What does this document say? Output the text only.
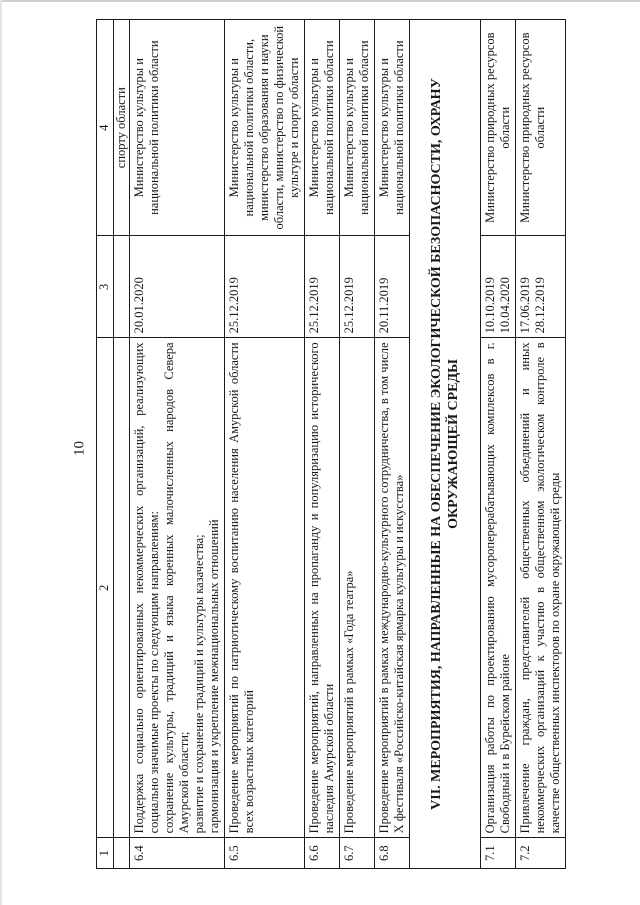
10
1	2	3	4
			спорту области
6.4	Поддержка социально ориентированных некоммерческих организаций, реализующих социально значимые проекты по следующим направлениям: сохранение культуры, традиций и языка коренных малочисленных народов Севера Амурской области; развитие и сохранение традиций и культуры казачества; гармонизация и укрепление межнациональных отношений	20.01.2020	Министерство культуры и национальной политики области
6.5	Проведение мероприятий по патриотическому воспитанию населения Амурской области всех возрастных категорий	25.12.2019	Министерство культуры и национальной политики области, министерство образования и науки области, министерство по физической культуре и спорту области
6.6	Проведение мероприятий, направленных на пропаганду и популяризацию исторического наследия Амурской области	25.12.2019	Министерство культуры и национальной политики области
6.7	Проведение мероприятий в рамках «Года театра»	25.12.2019	Министерство культуры и национальной политики области
6.8	Проведение мероприятий в рамках международно-культурного сотрудничества, в том числе X фестиваля «Российско-китайская ярмарка культуры и искусства»	20.11.2019	Министерство культуры и национальной политики области
VII. МЕРОПРИЯТИЯ, НАПРАВЛЕННЫЕ НА ОБЕСПЕЧЕНИЕ ЭКОЛОГИЧЕСКОЙ БЕЗОПАСНОСТИ, ОХРАНУ ОКРУЖАЮЩЕЙ СРЕДЫ			
7.1	Организация работы по проектированию мусороперерабатывающих комплексов в г. Свободный и в Бурейском районе	10.10.2019 10.04.2020	Министерство природных ресурсов области
7.2	Привлечение граждан, представителей общественных объединений и иных некоммерческих организаций к участию в общественном экологическом контроле в качестве общественных инспекторов по охране окружающей среды	17.06.2019 28.12.2019	Министерство природных ресурсов области
